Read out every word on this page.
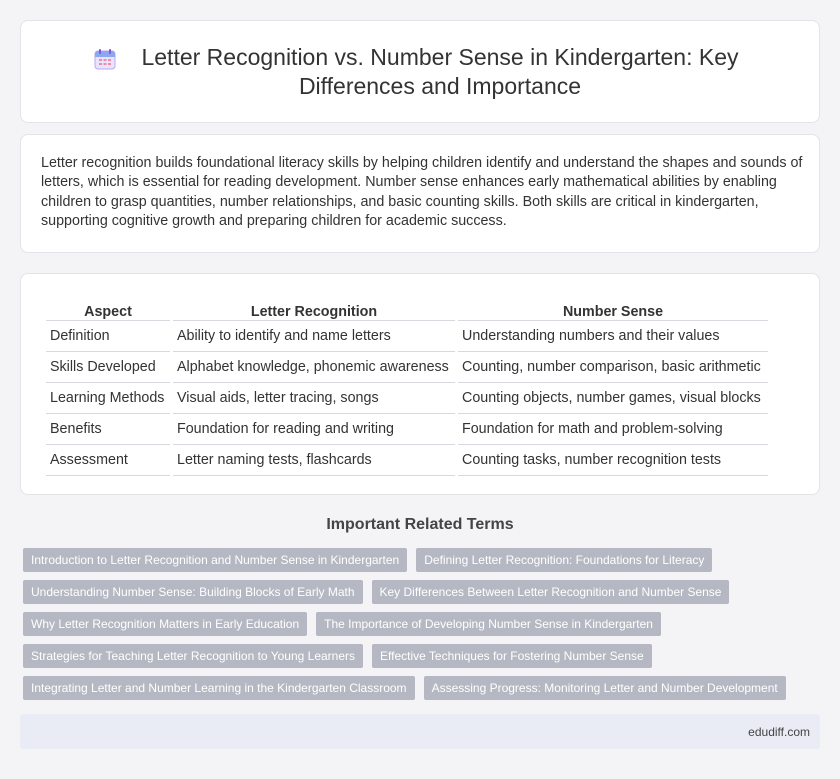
Letter Recognition vs. Number Sense in Kindergarten: Key Differences and Importance

Letter recognition builds foundational literacy skills by helping children identify and understand the shapes and sounds of letters, which is essential for reading development. Number sense enhances early mathematical abilities by enabling children to grasp quantities, number relationships, and basic counting skills. Both skills are critical in kindergarten, supporting cognitive growth and preparing children for academic success.

Aspect	Letter Recognition	Number Sense
Definition	Ability to identify and name letters	Understanding numbers and their values
Skills Developed	Alphabet knowledge, phonemic awareness	Counting, number comparison, basic arithmetic
Learning Methods	Visual aids, letter tracing, songs	Counting objects, number games, visual blocks
Benefits	Foundation for reading and writing	Foundation for math and problem-solving
Assessment	Letter naming tests, flashcards	Counting tasks, number recognition tests
Important Related Terms
Introduction to Letter Recognition and Number Sense in Kindergarten	Defining Letter Recognition: Foundations for Literacy
Understanding Number Sense: Building Blocks of Early Math	Key Differences Between Letter Recognition and Number Sense
Why Letter Recognition Matters in Early Education	The Importance of Developing Number Sense in Kindergarten
Strategies for Teaching Letter Recognition to Young Learners	Effective Techniques for Fostering Number Sense
Integrating Letter and Number Learning in the Kindergarten Classroom	Assessing Progress: Monitoring Letter and Number Development
edudiff.com
